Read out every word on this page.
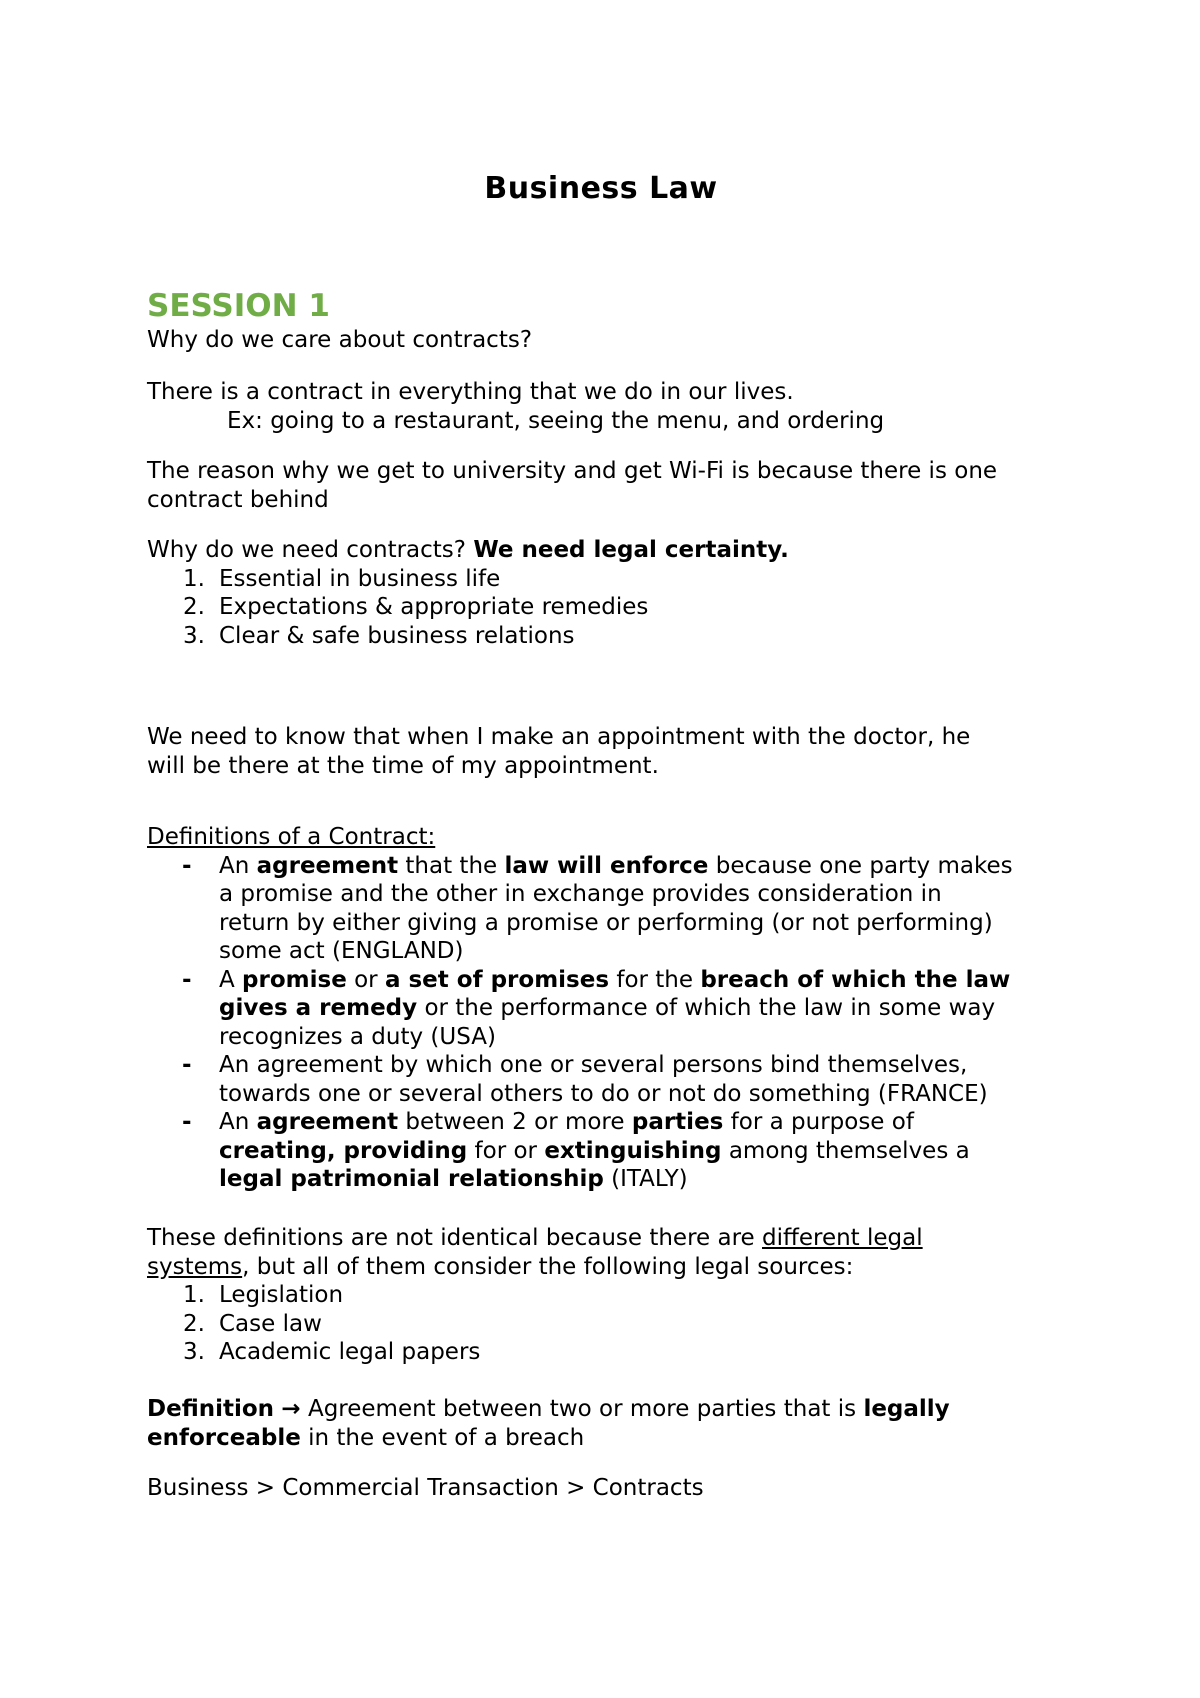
Business Law
SESSION 1

Why do we care about contracts?

There is a contract in everything that we do in our lives.
Ex: going to a restaurant, seeing the menu, and ordering
The reason why we get to university and get Wi-Fi is because there is one
contract behind
Why do we need contracts? We need legal certainty.
1. Essential in business life
2. Expectations & appropriate remedies
3. Clear & safe business relations
We need to know that when I make an appointment with the doctor, he
will be there at the time of my appointment.
Definitions of a Contract:
- An agreement that the law will enforce because one party makes
a promise and the other in exchange provides consideration in
return by either giving a promise or performing (or not performing)
some act (ENGLAND)
- A promise or a set of promises for the breach of which the law
gives a remedy or the performance of which the law in some way
recognizes a duty (USA)
- An agreement by which one or several persons bind themselves,
towards one or several others to do or not do something (FRANCE)
- An agreement between 2 or more parties for a purpose of
creating, providing for or extinguishing among themselves a
legal patrimonial relationship (ITALY)
These definitions are not identical because there are different legal
systems, but all of them consider the following legal sources:
1. Legislation
2. Case law
3. Academic legal papers
Definition → Agreement between two or more parties that is legally
enforceable in the event of a breach

Business > Commercial Transaction > Contracts
